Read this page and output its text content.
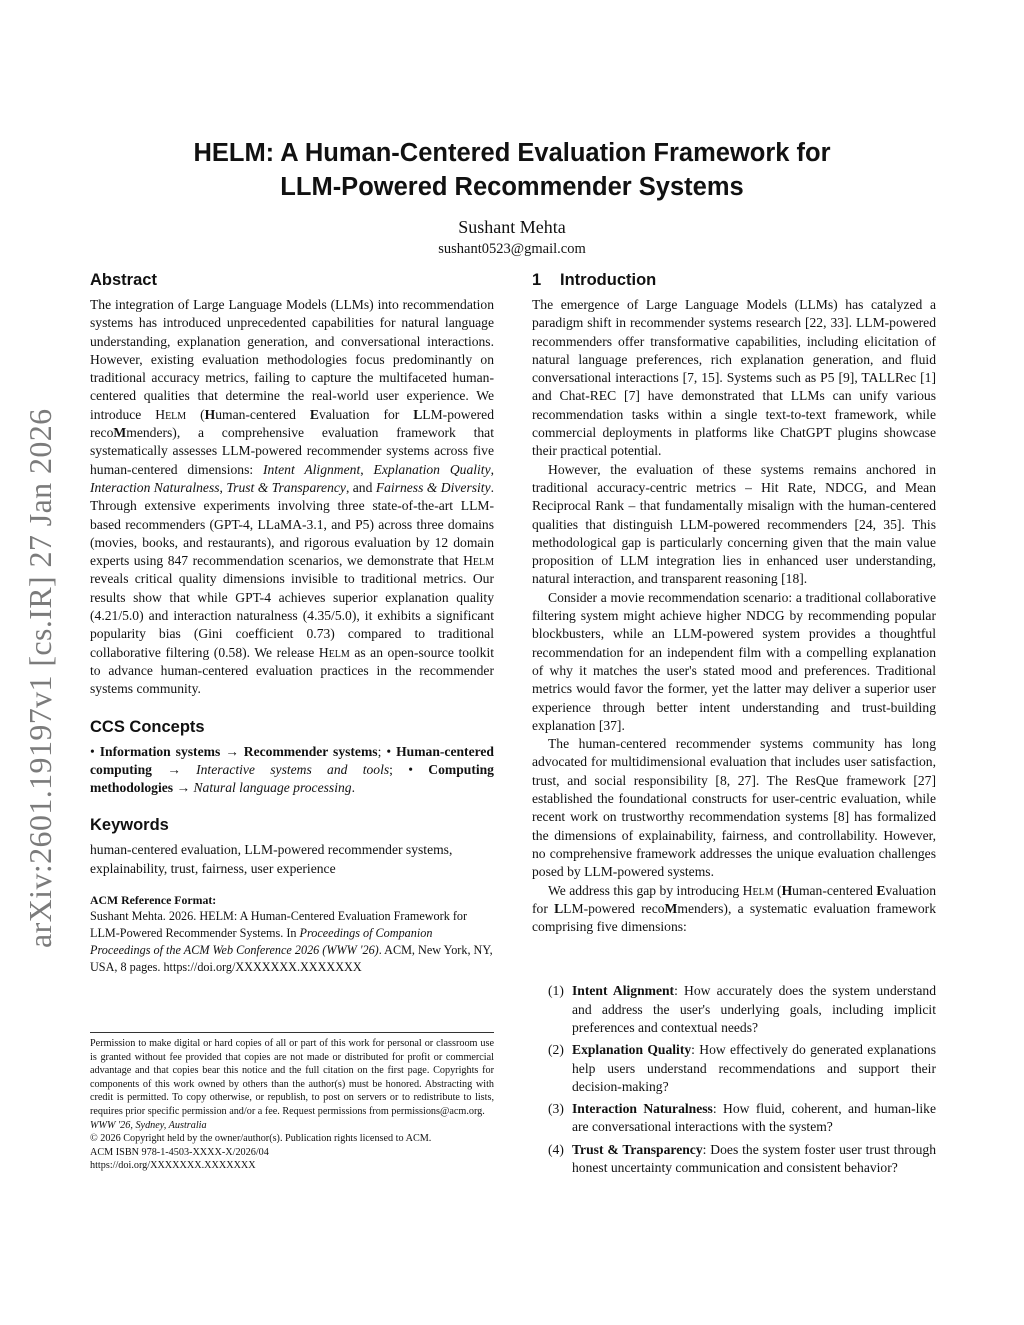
HELM: A Human-Centered Evaluation Framework for
LLM-Powered Recommender Systems
Sushant Mehta
sushant0523@gmail.com
arXiv:2601.19197v1 [cs.IR] 27 Jan 2026
Abstract

The integration of Large Language Models (LLMs) into recommendation systems has introduced unprecedented capabilities for natural language understanding, explanation generation, and conversational interactions. However, existing evaluation methodologies focus predominantly on traditional accuracy metrics, failing to capture the multifaceted human-centered qualities that determine the real-world user experience. We introduce Helm (Human-centered Evaluation for LLM-powered recoMmenders), a comprehensive evaluation framework that systematically assesses LLM-powered recommender systems across five human-centered dimensions: Intent Alignment, Explanation Quality, Interaction Naturalness, Trust & Transparency, and Fairness & Diversity. Through extensive experiments involving three state-of-the-art LLM-based recommenders (GPT-4, LLaMA-3.1, and P5) across three domains (movies, books, and restaurants), and rigorous evaluation by 12 domain experts using 847 recommendation scenarios, we demonstrate that Helm reveals critical quality dimensions invisible to traditional metrics. Our results show that while GPT-4 achieves superior explanation quality (4.21/5.0) and interaction naturalness (4.35/5.0), it exhibits a significant popularity bias (Gini coefficient 0.73) compared to traditional collaborative filtering (0.58). We release Helm as an open-source toolkit to advance human-centered evaluation practices in the recommender systems community.

CCS Concepts

• Information systems → Recommender systems; • Human-centered computing → Interactive systems and tools; • Computing methodologies → Natural language processing.

Keywords

human-centered evaluation, LLM-powered recommender systems, explainability, trust, fairness, user experience

ACM Reference Format:

Sushant Mehta. 2026. HELM: A Human-Centered Evaluation Framework for LLM-Powered Recommender Systems. In Proceedings of Companion Proceedings of the ACM Web Conference 2026 (WWW '26). ACM, New York, NY, USA, 8 pages. https://doi.org/XXXXXXX.XXXXXXX

Permission to make digital or hard copies of all or part of this work for personal or classroom use is granted without fee provided that copies are not made or distributed for profit or commercial advantage and that copies bear this notice and the full citation on the first page. Copyrights for components of this work owned by others than the author(s) must be honored. Abstracting with credit is permitted. To copy otherwise, or republish, to post on servers or to redistribute to lists, requires prior specific permission and/or a fee. Request permissions from permissions@acm.org.

WWW '26, Sydney, Australia
© 2026 Copyright held by the owner/author(s). Publication rights licensed to ACM.
ACM ISBN 978-1-4503-XXXX-X/2026/04
https://doi.org/XXXXXXX.XXXXXXX
1 Introduction

The emergence of Large Language Models (LLMs) has catalyzed a paradigm shift in recommender systems research [22, 33]. LLM-powered recommenders offer transformative capabilities, including elicitation of natural language preferences, rich explanation generation, and fluid conversational interactions [7, 15]. Systems such as P5 [9], TALLRec [1] and Chat-REC [7] have demonstrated that LLMs can unify various recommendation tasks within a single text-to-text framework, while commercial deployments in platforms like ChatGPT plugins showcase their practical potential.

However, the evaluation of these systems remains anchored in traditional accuracy-centric metrics – Hit Rate, NDCG, and Mean Reciprocal Rank – that fundamentally misalign with the human-centered qualities that distinguish LLM-powered recommenders [24, 35]. This methodological gap is particularly concerning given that the main value proposition of LLM integration lies in enhanced user understanding, natural interaction, and transparent reasoning [18].

Consider a movie recommendation scenario: a traditional collaborative filtering system might achieve higher NDCG by recommending popular blockbusters, while an LLM-powered system provides a thoughtful recommendation for an independent film with a compelling explanation of why it matches the user's stated mood and preferences. Traditional metrics would favor the former, yet the latter may deliver a superior user experience through better intent understanding and trust-building explanation [37].

The human-centered recommender systems community has long advocated for multidimensional evaluation that includes user satisfaction, trust, and social responsibility [8, 27]. The ResQue framework [27] established the foundational constructs for user-centric evaluation, while recent work on trustworthy recommendation systems [8] has formalized the dimensions of explainability, fairness, and controllability. However, no comprehensive framework addresses the unique evaluation challenges posed by LLM-powered systems.

We address this gap by introducing Helm (Human-centered Evaluation for LLM-powered recoMmenders), a systematic evaluation framework comprising five dimensions:

(1) Intent Alignment: How accurately does the system understand and address the user's underlying goals, including implicit preferences and contextual needs?
(2) Explanation Quality: How effectively do generated explanations help users understand recommendations and support their decision-making?
(3) Interaction Naturalness: How fluid, coherent, and human-like are conversational interactions with the system?
(4) Trust & Transparency: Does the system foster user trust through honest uncertainty communication and consistent behavior?
